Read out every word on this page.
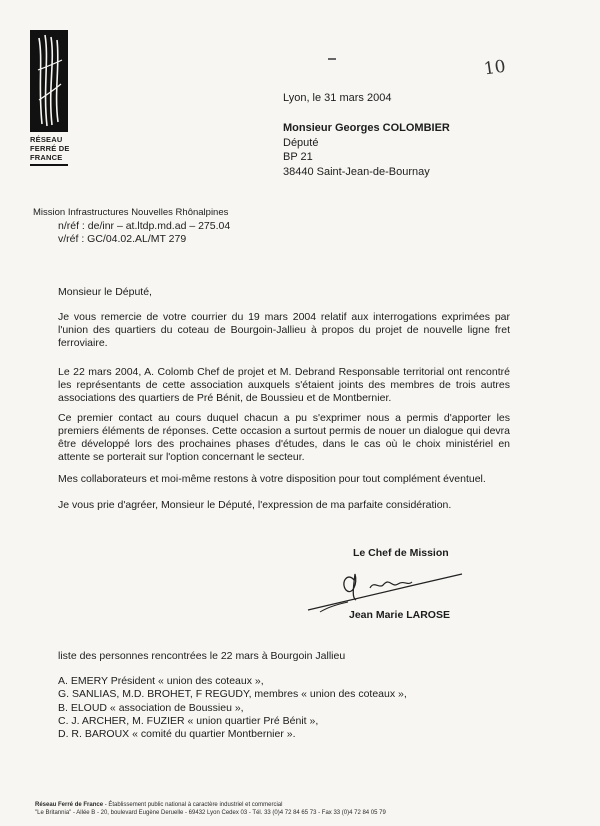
RÉSEAU
FERRÉ DE
FRANCE
10
Lyon, le 31 mars 2004
Monsieur Georges COLOMBIER
Député
BP 21
38440 Saint-Jean-de-Bournay
Mission Infrastructures Nouvelles Rhônalpines
n/réf : de/inr – at.ltdp.md.ad – 275.04
v/réf : GC/04.02.AL/MT 279
Monsieur le Député,

Je vous remercie de votre courrier du 19 mars 2004 relatif aux interrogations exprimées par l'union des quartiers du coteau de Bourgoin-Jallieu à propos du projet de nouvelle ligne fret ferroviaire.

Le 22 mars 2004, A. Colomb Chef de projet et M. Debrand Responsable territorial ont rencontré les représentants de cette association auxquels s'étaient joints des membres de trois autres associations des quartiers de Pré Bénit, de Boussieu et de Montbernier.

Ce premier contact au cours duquel chacun a pu s'exprimer nous a permis d'apporter les premiers éléments de réponses. Cette occasion a surtout permis de nouer un dialogue qui devra être développé lors des prochaines phases d'études, dans le cas où le choix ministériel en attente se porterait sur l'option concernant le secteur.

Mes collaborateurs et moi-même restons à votre disposition pour tout complément éventuel.

Je vous prie d'agréer, Monsieur le Député, l'expression de ma parfaite considération.

Le Chef de Mission
Jean Marie LAROSE
liste des personnes rencontrées le 22 mars à Bourgoin Jallieu
A. EMERY Président « union des coteaux »,
G. SANLIAS, M.D. BROHET, F REGUDY, membres « union des coteaux »,
B. ELOUD « association de Boussieu »,
C. J. ARCHER, M. FUZIER « union quartier Pré Bénit »,
D. R. BAROUX « comité du quartier Montbernier ».
Réseau Ferré de France - Établissement public national à caractère industriel et commercial
"Le Britannia" - Allée B - 20, boulevard Eugène Deruelle - 69432 Lyon Cedex 03 - Tél. 33 (0)4 72 84 65 73 - Fax 33 (0)4 72 84 05 79
